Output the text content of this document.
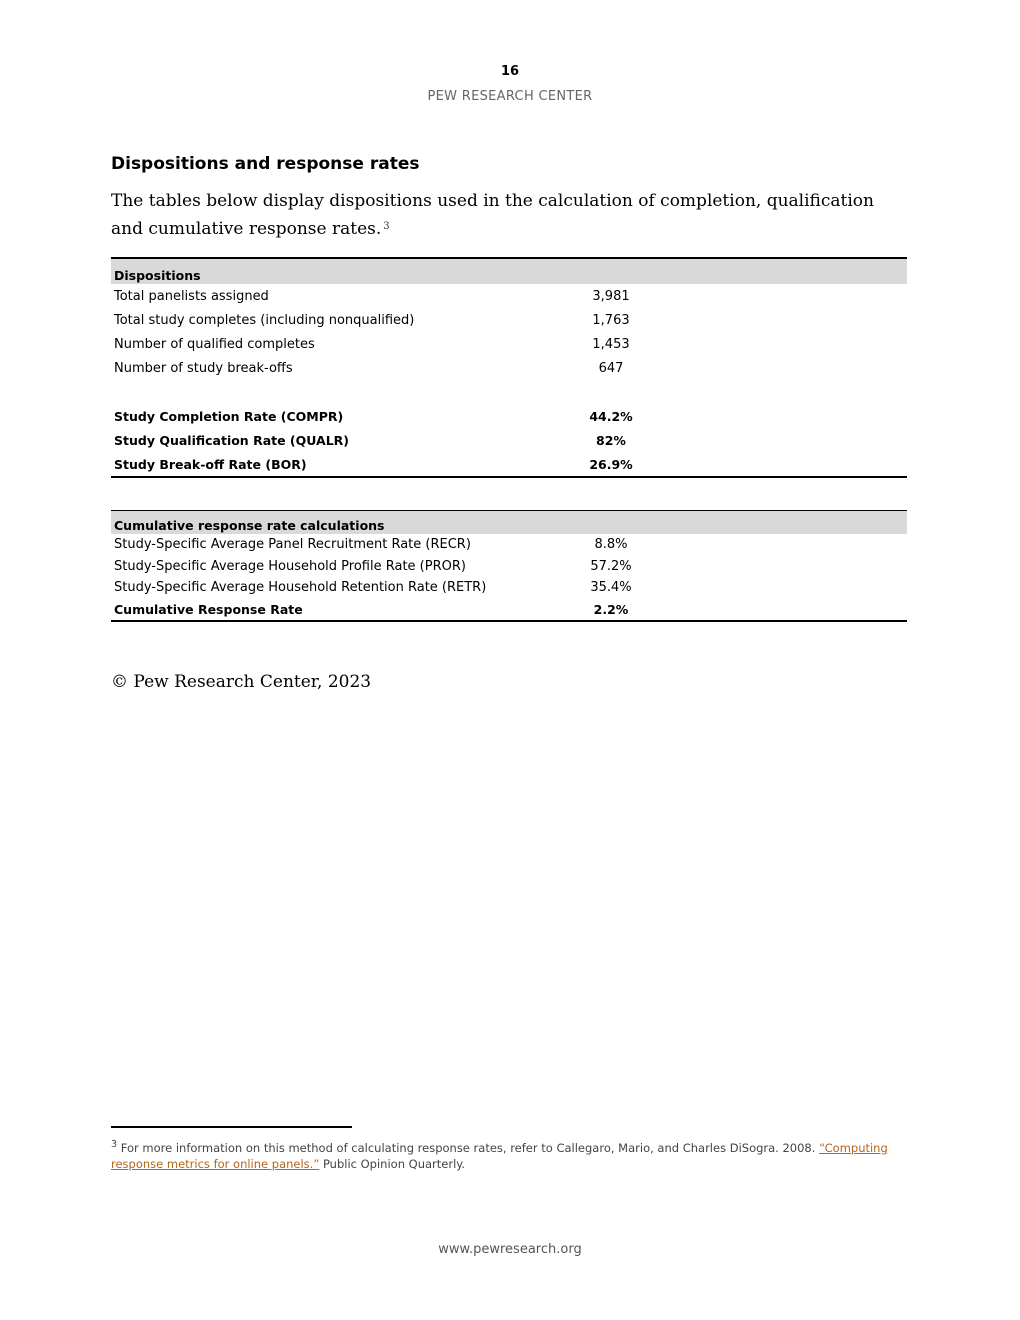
16
PEW RESEARCH CENTER
Dispositions and response rates

The tables below display dispositions used in the calculation of completion, qualification and cumulative response rates. $^3$

Dispositions		
Total panelists assigned	3,981	
Total study completes (including nonqualified)	1,763	
Number of qualified completes	1,453	
Number of study break-offs	647	

Study Completion Rate (COMPR)	44.2%	
Study Qualification Rate (QUALR)	82%	
Study Break-off Rate (BOR)	26.9%	
Cumulative response rate calculations		
Study-Specific Average Panel Recruitment Rate (RECR)	8.8%	
Study-Specific Average Household Profile Rate (PROR)	57.2%	
Study-Specific Average Household Retention Rate (RETR)	35.4%	
Cumulative Response Rate	2.2%	
© Pew Research Center, 2023
$^3$ For more information on this method of calculating response rates, refer to Callegaro, Mario, and Charles DiSogra. 2008. “Computing response metrics for online panels.” Public Opinion Quarterly.
www.pewresearch.org
